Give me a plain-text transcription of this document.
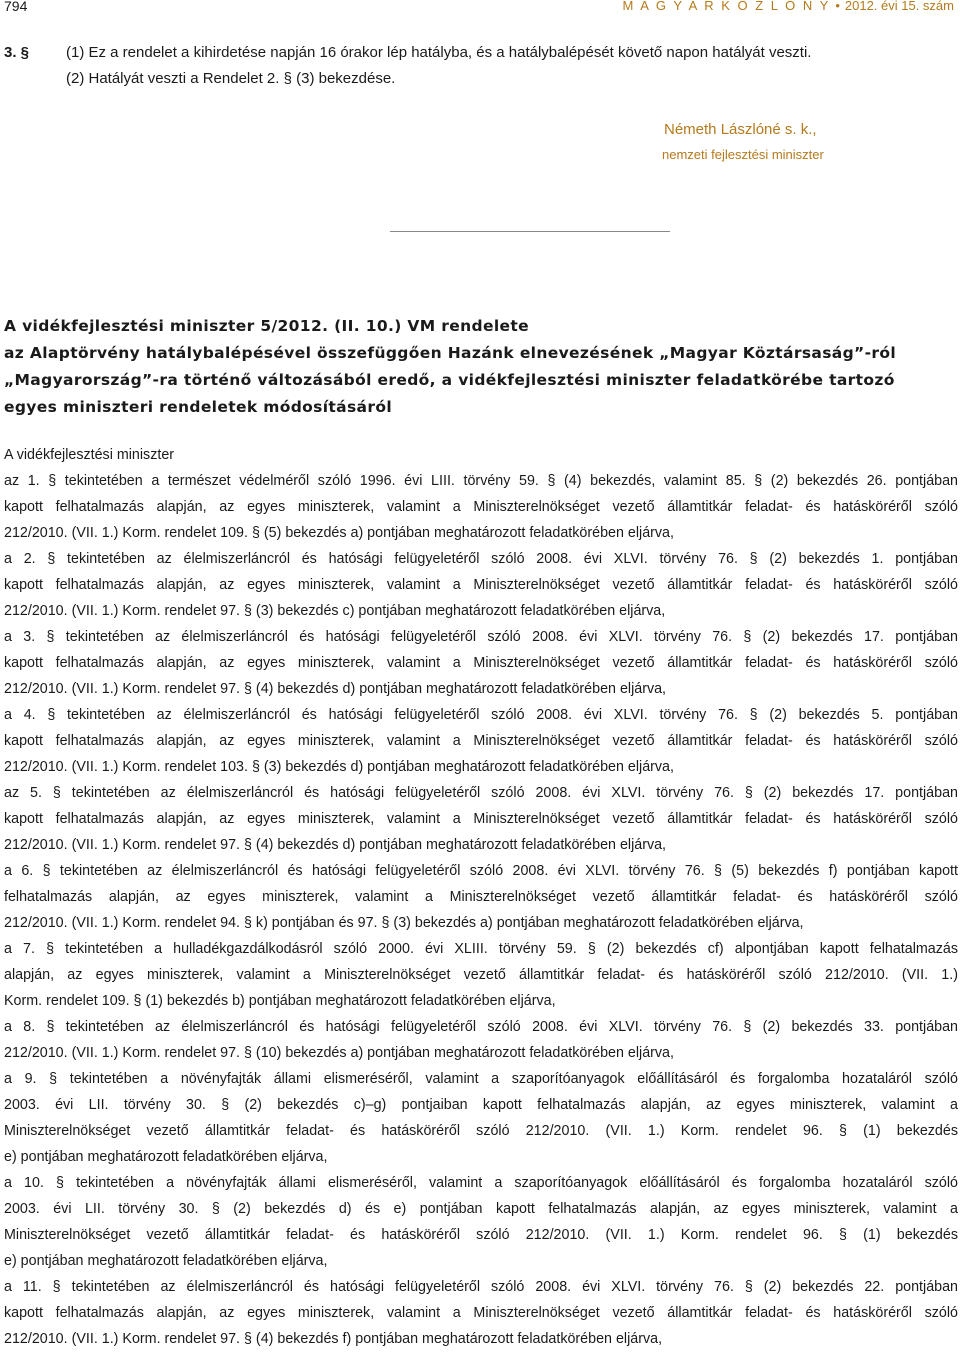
794	M A G Y A R K Ö Z L Ö N Y • 2012. évi 15. szám
3. § (1) Ez a rendelet a kihirdetése napján 16 órakor lép hatályba, és a hatálybalépését követő napon hatályát veszti.
(2) Hatályát veszti a Rendelet 2. § (3) bekezdése.
Németh Lászlóné s. k.,
nemzeti fejlesztési miniszter
A vidékfejlesztési miniszter 5/2012. (II. 10.) VM rendelete
az Alaptörvény hatálybalépésével összefüggően Hazánk elnevezésének „Magyar Köztársaság”-ról
„Magyarország”-ra történő változásából eredő, a vidékfejlesztési miniszter feladatkörébe tartozó
egyes miniszteri rendeletek módosításáról
A vidékfejlesztési miniszter
az 1. § tekintetében a természet védelméről szóló 1996. évi LIII. törvény 59. § (4) bekezdés, valamint 85. § (2) bekezdés 26. pontjában
kapott felhatalmazás alapján, az egyes miniszterek, valamint a Miniszterelnökséget vezető államtitkár feladat- és hatásköréről szóló
212/2010. (VII. 1.) Korm. rendelet 109. § (5) bekezdés a) pontjában meghatározott feladatkörében eljárva,
a 2. § tekintetében az élelmiszerláncról és hatósági felügyeletéről szóló 2008. évi XLVI. törvény 76. § (2) bekezdés 1. pontjában
kapott felhatalmazás alapján, az egyes miniszterek, valamint a Miniszterelnökséget vezető államtitkár feladat- és hatásköréről szóló
212/2010. (VII. 1.) Korm. rendelet 97. § (3) bekezdés c) pontjában meghatározott feladatkörében eljárva,
a 3. § tekintetében az élelmiszerláncról és hatósági felügyeletéről szóló 2008. évi XLVI. törvény 76. § (2) bekezdés 17. pontjában
kapott felhatalmazás alapján, az egyes miniszterek, valamint a Miniszterelnökséget vezető államtitkár feladat- és hatásköréről szóló
212/2010. (VII. 1.) Korm. rendelet 97. § (4) bekezdés d) pontjában meghatározott feladatkörében eljárva,
a 4. § tekintetében az élelmiszerláncról és hatósági felügyeletéről szóló 2008. évi XLVI. törvény 76. § (2) bekezdés 5. pontjában
kapott felhatalmazás alapján, az egyes miniszterek, valamint a Miniszterelnökséget vezető államtitkár feladat- és hatásköréről szóló
212/2010. (VII. 1.) Korm. rendelet 103. § (3) bekezdés d) pontjában meghatározott feladatkörében eljárva,
az 5. § tekintetében az élelmiszerláncról és hatósági felügyeletéről szóló 2008. évi XLVI. törvény 76. § (2) bekezdés 17. pontjában
kapott felhatalmazás alapján, az egyes miniszterek, valamint a Miniszterelnökséget vezető államtitkár feladat- és hatásköréről szóló
212/2010. (VII. 1.) Korm. rendelet 97. § (4) bekezdés d) pontjában meghatározott feladatkörében eljárva,
a 6. § tekintetében az élelmiszerláncról és hatósági felügyeletéről szóló 2008. évi XLVI. törvény 76. § (5) bekezdés f) pontjában kapott
felhatalmazás alapján, az egyes miniszterek, valamint a Miniszterelnökséget vezető államtitkár feladat- és hatásköréről szóló
212/2010. (VII. 1.) Korm. rendelet 94. § k) pontjában és 97. § (3) bekezdés a) pontjában meghatározott feladatkörében eljárva,
a 7. § tekintetében a hulladékgazdálkodásról szóló 2000. évi XLIII. törvény 59. § (2) bekezdés cf) alpontjában kapott felhatalmazás
alapján, az egyes miniszterek, valamint a Miniszterelnökséget vezető államtitkár feladat- és hatásköréről szóló 212/2010. (VII. 1.)
Korm. rendelet 109. § (1) bekezdés b) pontjában meghatározott feladatkörében eljárva,
a 8. § tekintetében az élelmiszerláncról és hatósági felügyeletéről szóló 2008. évi XLVI. törvény 76. § (2) bekezdés 33. pontjában
212/2010. (VII. 1.) Korm. rendelet 97. § (10) bekezdés a) pontjában meghatározott feladatkörében eljárva,
a 9. § tekintetében a növényfajták állami elismeréséről, valamint a szaporítóanyagok előállításáról és forgalomba hozataláról szóló
2003. évi LII. törvény 30. § (2) bekezdés c)–g) pontjaiban kapott felhatalmazás alapján, az egyes miniszterek, valamint a
Miniszterelnökséget vezető államtitkár feladat- és hatásköréről szóló 212/2010. (VII. 1.) Korm. rendelet 96. § (1) bekezdés
e) pontjában meghatározott feladatkörében eljárva,
a 10. § tekintetében a növényfajták állami elismeréséről, valamint a szaporítóanyagok előállításáról és forgalomba hozataláról szóló
2003. évi LII. törvény 30. § (2) bekezdés d) és e) pontjában kapott felhatalmazás alapján, az egyes miniszterek, valamint a
Miniszterelnökséget vezető államtitkár feladat- és hatásköréről szóló 212/2010. (VII. 1.) Korm. rendelet 96. § (1) bekezdés
e) pontjában meghatározott feladatkörében eljárva,
a 11. § tekintetében az élelmiszerláncról és hatósági felügyeletéről szóló 2008. évi XLVI. törvény 76. § (2) bekezdés 22. pontjában
kapott felhatalmazás alapján, az egyes miniszterek, valamint a Miniszterelnökséget vezető államtitkár feladat- és hatásköréről szóló
212/2010. (VII. 1.) Korm. rendelet 97. § (4) bekezdés f) pontjában meghatározott feladatkörében eljárva,
